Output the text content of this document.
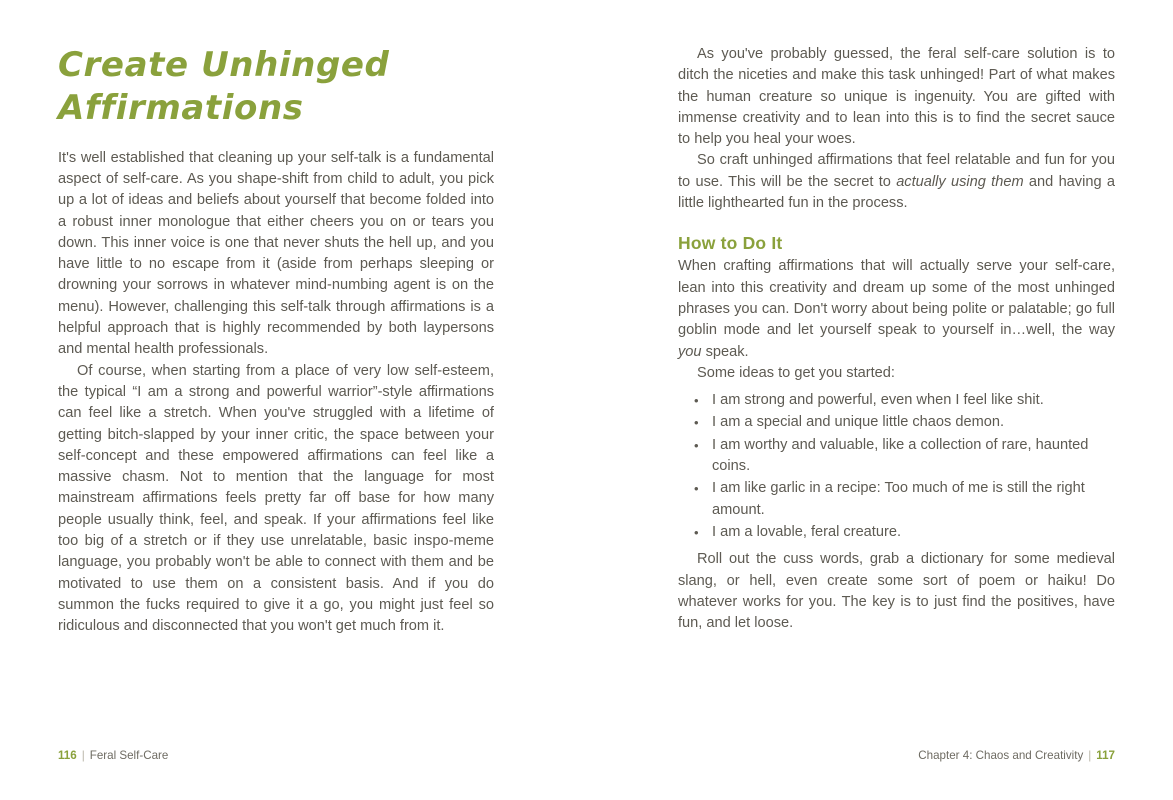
Create Unhinged
Affirmations

It's well established that cleaning up your self-talk is a fundamental aspect of self-care. As you shape-shift from child to adult, you pick up a lot of ideas and beliefs about yourself that become folded into a robust inner monologue that either cheers you on or tears you down. This inner voice is one that never shuts the hell up, and you have little to no escape from it (aside from perhaps sleeping or drowning your sorrows in whatever mind-numbing agent is on the menu). However, challenging this self-talk through affirmations is a helpful approach that is highly recommended by both laypersons and mental health professionals.

Of course, when starting from a place of very low self-esteem, the typical “I am a strong and powerful warrior”-style affirmations can feel like a stretch. When you've struggled with a lifetime of getting bitch-slapped by your inner critic, the space between your self-concept and these empowered affirmations can feel like a massive chasm. Not to mention that the language for most mainstream affirmations feels pretty far off base for how many people usually think, feel, and speak. If your affirmations feel like too big of a stretch or if they use unrelatable, basic inspo-meme language, you probably won't be able to connect with them and be motivated to use them on a consistent basis. And if you do summon the fucks required to give it a go, you might just feel so ridiculous and disconnected that you won't get much from it.

As you've probably guessed, the feral self-care solution is to ditch the niceties and make this task unhinged! Part of what makes the human creature so unique is ingenuity. You are gifted with immense creativity and to lean into this is to find the secret sauce to help you heal your woes.

So craft unhinged affirmations that feel relatable and fun for you to use. This will be the secret to actually using them and having a little lighthearted fun in the process.

How to Do It

When crafting affirmations that will actually serve your self-care, lean into this creativity and dream up some of the most unhinged phrases you can. Don't worry about being polite or palatable; go full goblin mode and let yourself speak to yourself in…well, the way you speak.

Some ideas to get you started:

• I am strong and powerful, even when I feel like shit.
• I am a special and unique little chaos demon.
• I am worthy and valuable, like a collection of rare, haunted coins.
• I am like garlic in a recipe: Too much of me is still the right amount.
• I am a lovable, feral creature.

Roll out the cuss words, grab a dictionary for some medieval slang, or hell, even create some sort of poem or haiku! Do whatever works for you. The key is to just find the positives, have fun, and let loose.

116 | Feral Self-Care	Chapter 4: Chaos and Creativity | 117
